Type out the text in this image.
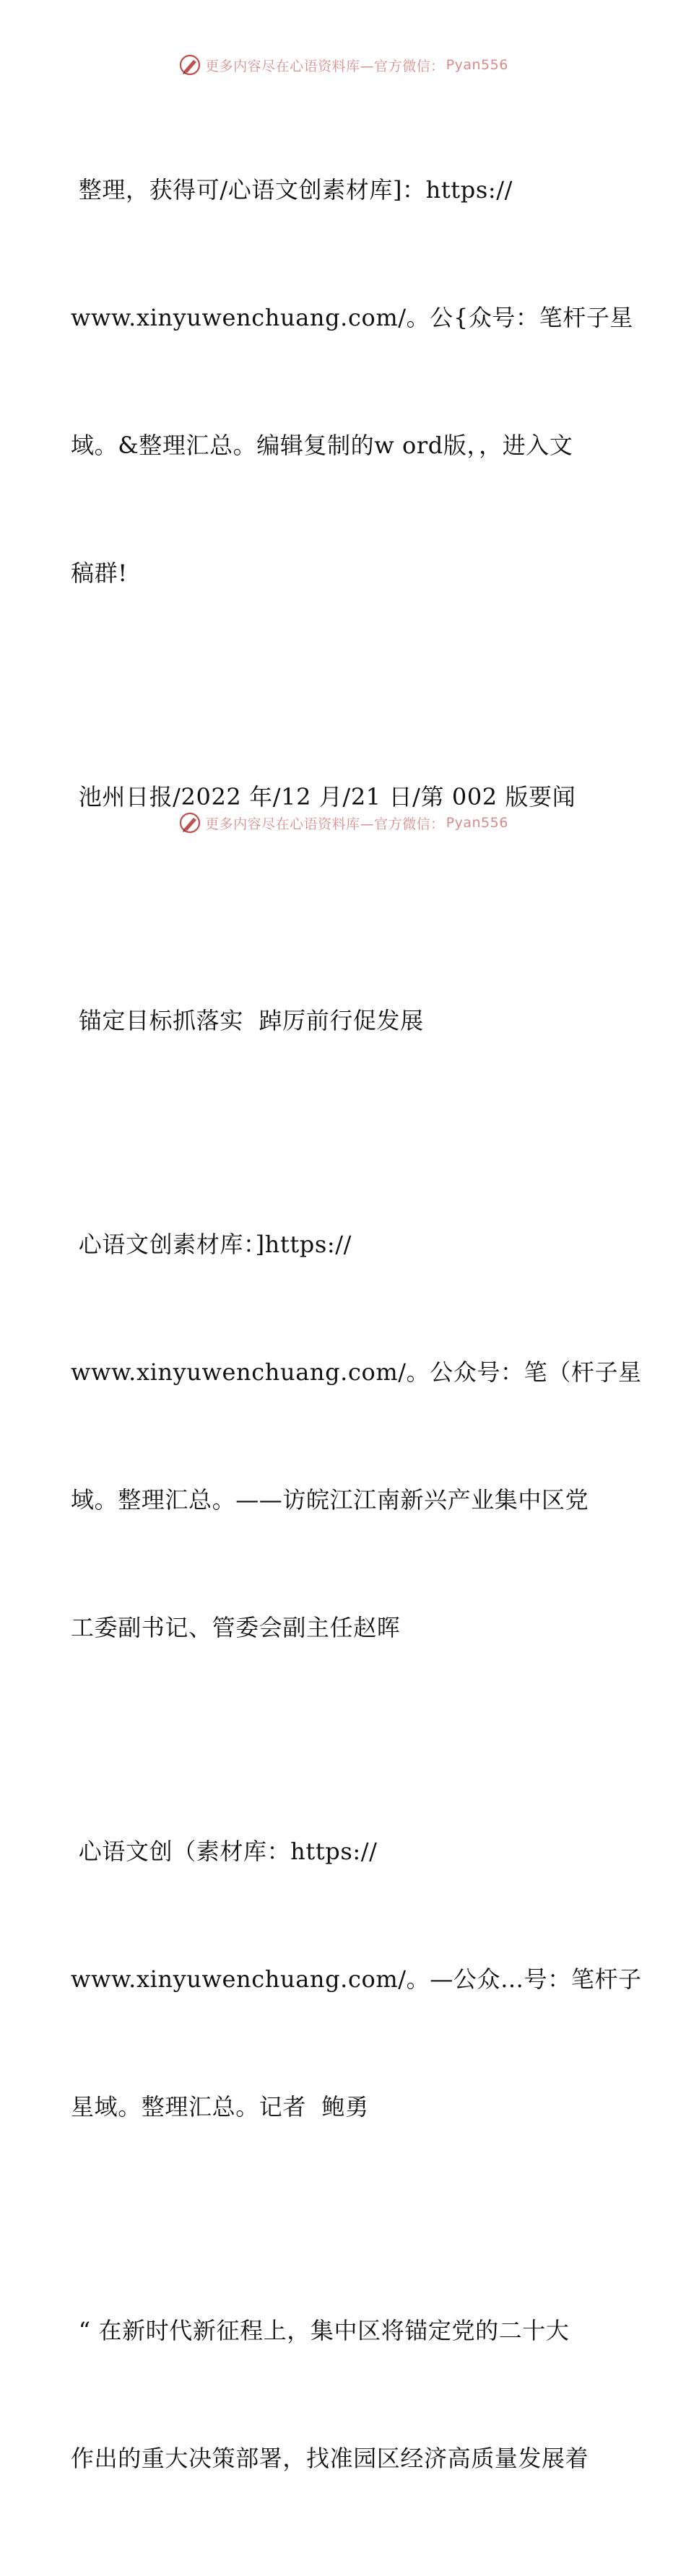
更多内容尽在心语资料库—官方微信： Pyan556

整理，获得可/心语文创素材库]：https://

www.xinyuwenchuang.com/。公{众号：笔杆子星

域。&整理汇总。编辑复制的w ord版，，进入文

稿群!

池州日报/2022 年/12 月/21 日/第 002 版要闻

锚定目标抓落实  踔厉前行促发展

心语文创素材库：]https://

www.xinyuwenchuang.com/。公众号：笔（杆子星

域。整理汇总。——访皖江江南新兴产业集中区党

工委副书记、管委会副主任赵晖

心语文创（素材库：https://

www.xinyuwenchuang.com/。—公众…号：笔杆子

星域。整理汇总。记者  鲍勇

“ 在新时代新征程上，集中区将锚定党的二十大

作出的重大决策部署，找准园区经济高质量发展着

更多内容尽在心语资料库—官方微信： Pyan556
